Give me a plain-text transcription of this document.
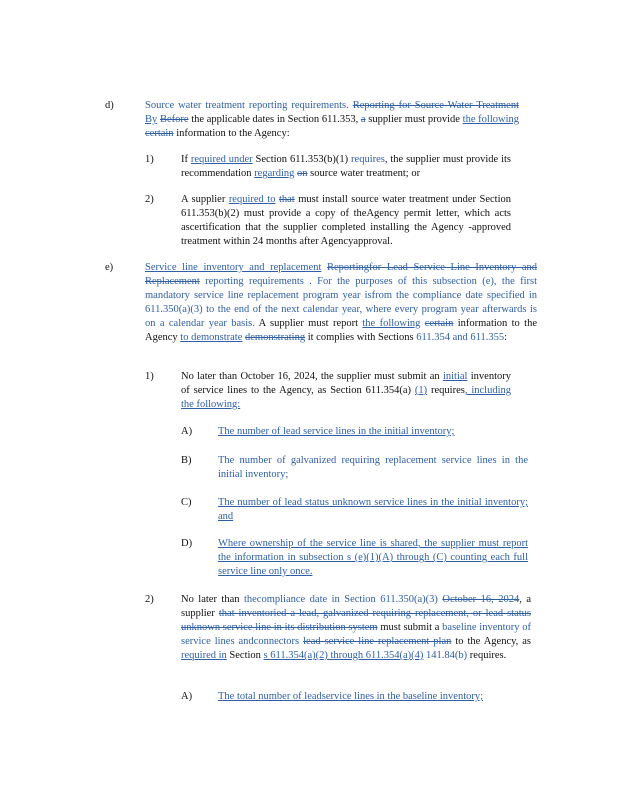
d)	Source water treatment reporting requirements. Reporting for Source Water Treatment By Before the applicable dates in Section 611.353, a supplier must provide the following certain information to the Agency:
1)	If required under Section 611.353(b)(1) requires, the supplier must provide its recommendation regarding on source water treatment; or
2)	A supplier required to that must install source water treatment under Section 611.353(b)(2) must provide a copy of theAgency permit letter, which acts ascertification that the supplier completed installing the Agency -approved treatment within 24 months after Agencyapproval.
e)	Service line inventory and replacement Reportingfor Lead Service Line Inventory and Replacement reporting requirements . For the purposes of this subsection (e), the first mandatory service line replacement program year isfrom the compliance date specified in 611.350(a)(3) to the end of the next calendar year, where every program year afterwards is on a calendar year basis. A supplier must report the following certain information to the Agency to demonstrate demonstrating it complies with Sections 611.354 and 611.355:
1)	No later than October 16, 2024, the supplier must submit an initial inventory of service lines to the Agency, as Section 611.354(a) (1) requires, including the following:
A) The number of lead service lines in the initial inventory;
B)	The number of galvanized requiring replacement service lines in the initial inventory;
C)	The number of lead status unknown service lines in the initial inventory; and
D) Where ownership of the service line is shared, the supplier must report the information in subsection s (e)(1)(A) through (C) counting each full service line only once.
2)	No later than thecompliance date in Section 611.350(a)(3) October 16, 2024, a supplier that inventoried a lead, galvanized requiring replacement, or lead status unknown service line in its distribution system must submit a baseline inventory of service lines andconnectors lead service line replacement plan to the Agency, as required in Section s 611.354(a)(2) through 611.354(a)(4) 141.84(b) requires.
A) The total number of leadservice lines in the baseline inventory;
